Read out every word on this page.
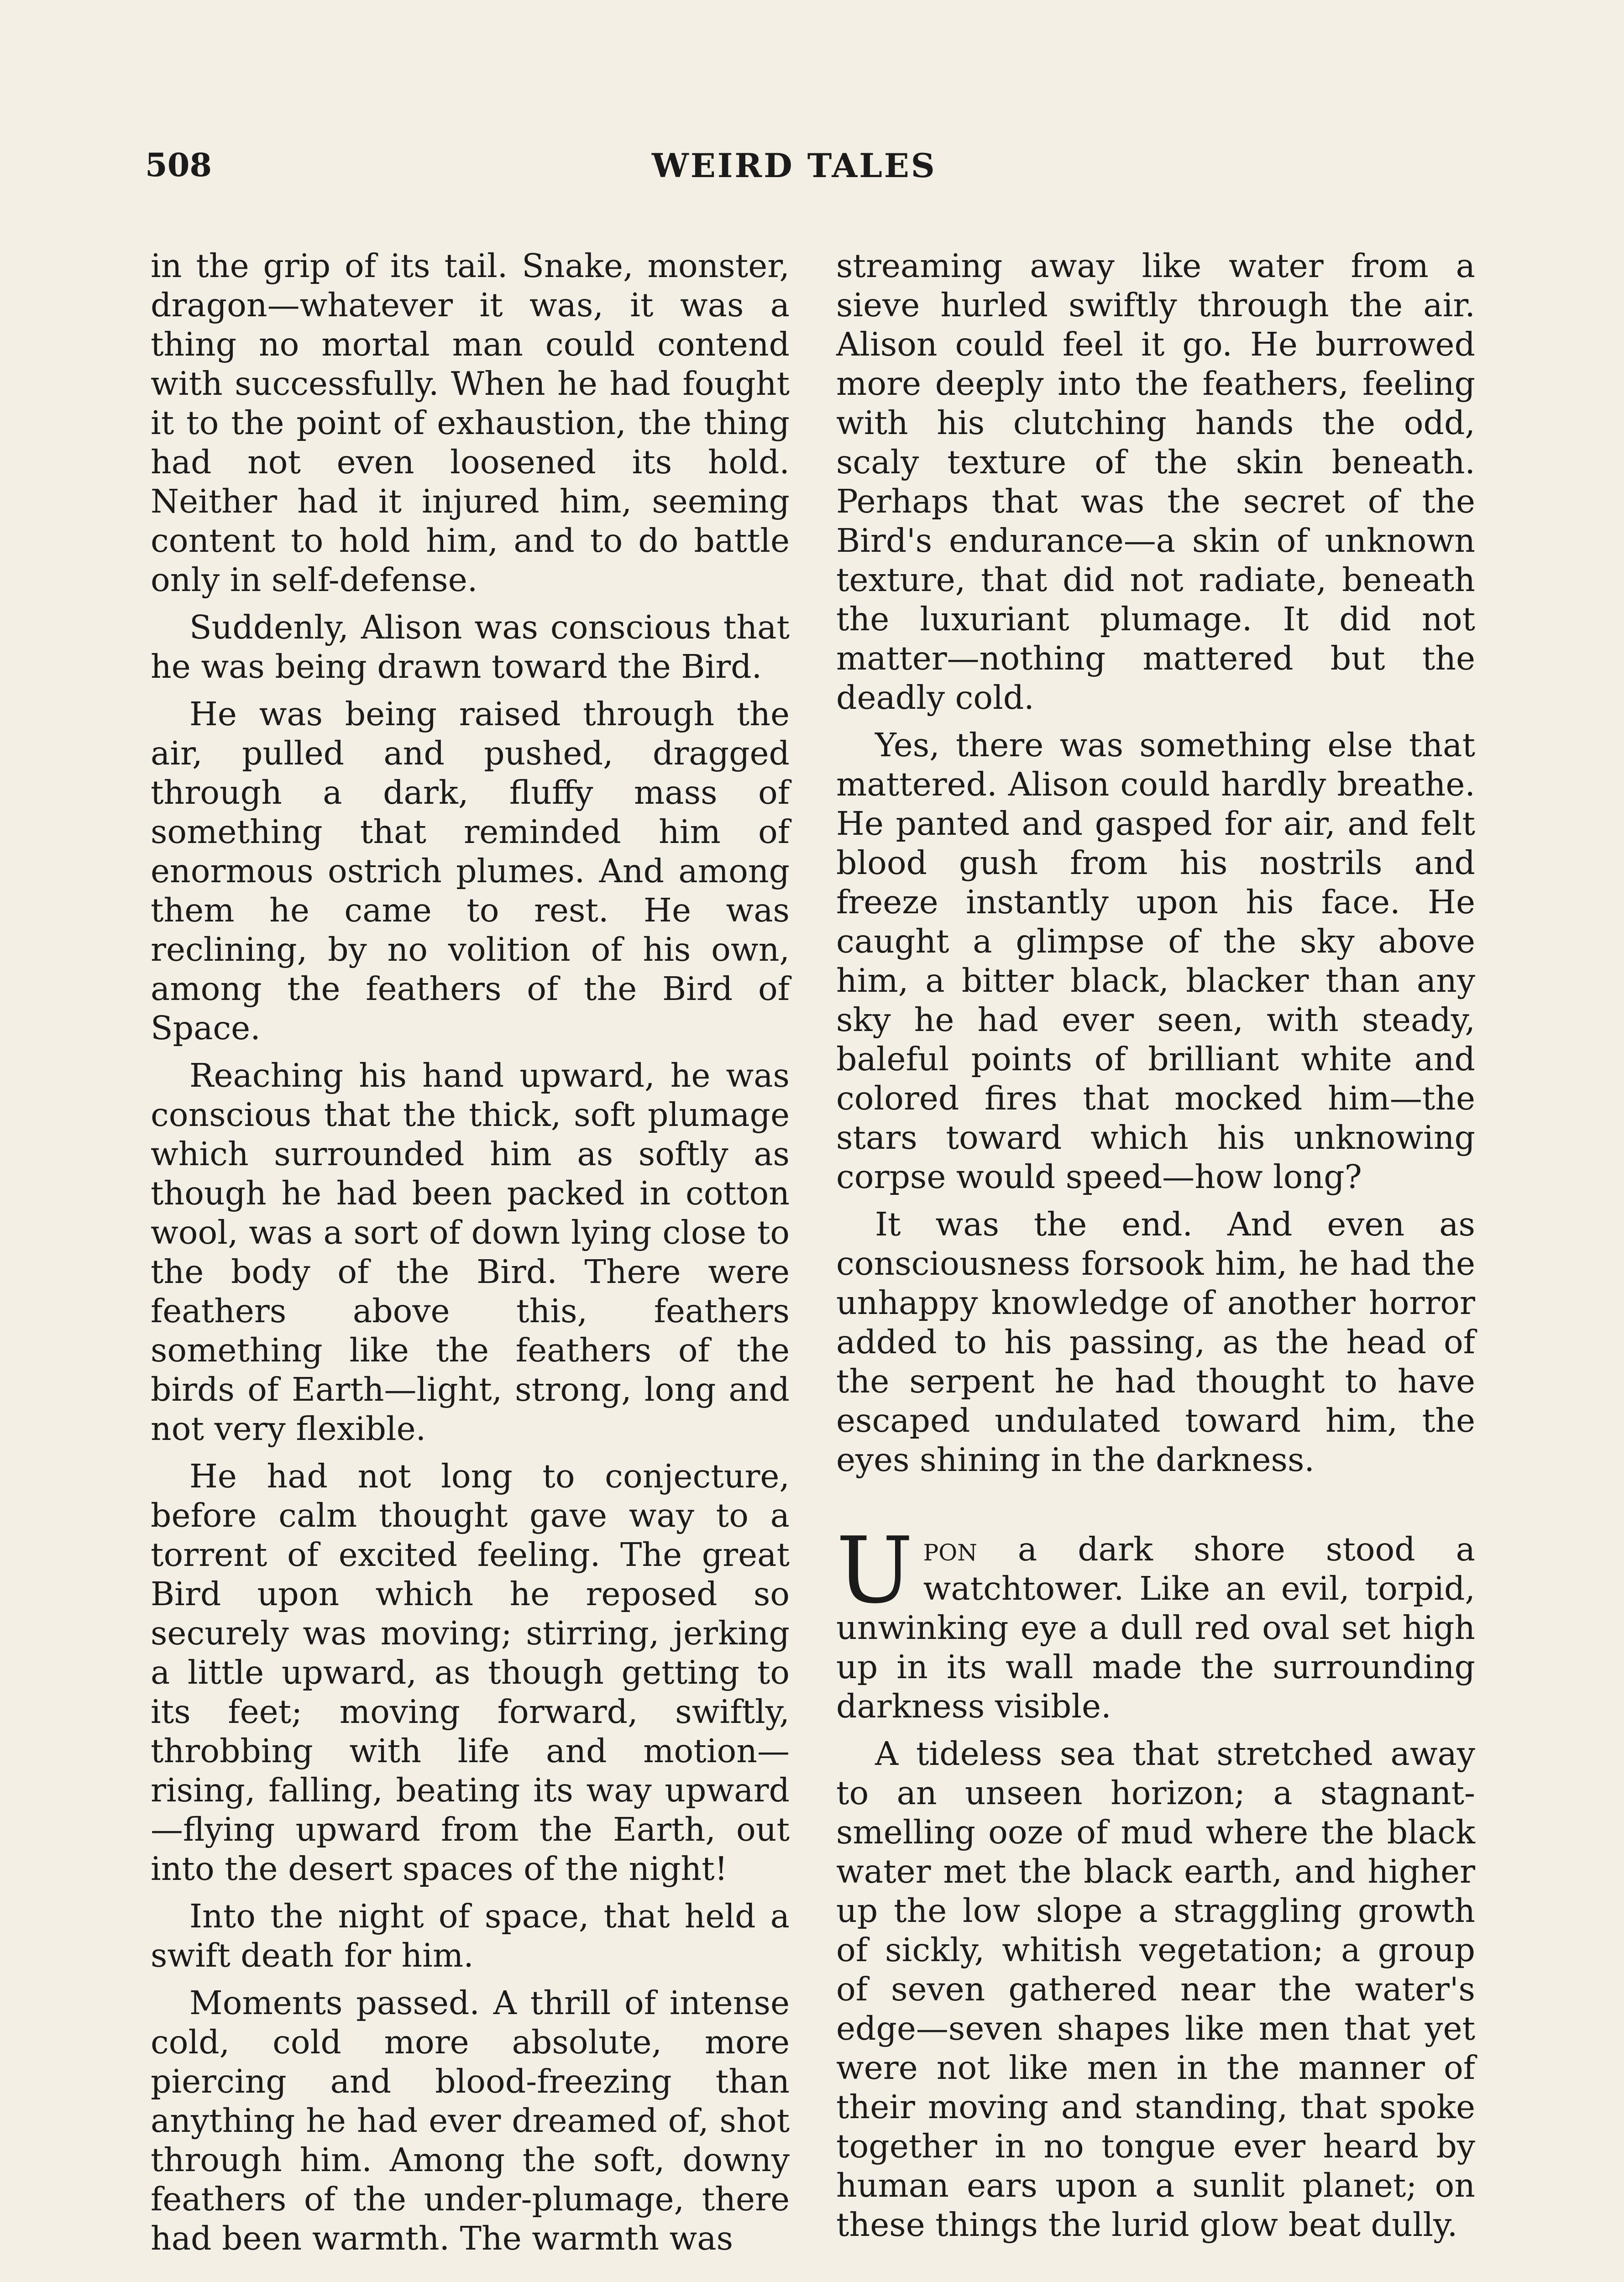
508	WEIRD TALES

in the grip of its tail. Snake, monster, dragon—whatever it was, it was a thing no mortal man could contend with successfully. When he had fought it to the point of exhaustion, the thing had not even loosened its hold. Neither had it injured him, seeming content to hold him, and to do battle only in self-defense.

Suddenly, Alison was conscious that he was being drawn toward the Bird.

He was being raised through the air, pulled and pushed, dragged through a dark, fluffy mass of something that reminded him of enormous ostrich plumes. And among them he came to rest. He was reclining, by no volition of his own, among the feathers of the Bird of Space.

Reaching his hand upward, he was conscious that the thick, soft plumage which surrounded him as softly as though he had been packed in cotton wool, was a sort of down lying close to the body of the Bird. There were feathers above this, feathers something like the feathers of the birds of Earth—light, strong, long and not very flexible.

He had not long to conjecture, before calm thought gave way to a torrent of excited feeling. The great Bird upon which he reposed so securely was moving; stirring, jerking a little upward, as though getting to its feet; moving forward, swiftly, throbbing with life and motion—rising, falling, beating its way upward—flying upward from the Earth, out into the desert spaces of the night!

Into the night of space, that held a swift death for him.

Moments passed. A thrill of intense cold, cold more absolute, more piercing and blood-freezing than anything he had ever dreamed of, shot through him. Among the soft, downy feathers of the under-plumage, there had been warmth. The warmth was

streaming away like water from a sieve hurled swiftly through the air. Alison could feel it go. He burrowed more deeply into the feathers, feeling with his clutching hands the odd, scaly texture of the skin beneath. Perhaps that was the secret of the Bird's endurance—a skin of unknown texture, that did not radiate, beneath the luxuriant plumage. It did not matter—nothing mattered but the deadly cold.

Yes, there was something else that mattered. Alison could hardly breathe. He panted and gasped for air, and felt blood gush from his nostrils and freeze instantly upon his face. He caught a glimpse of the sky above him, a bitter black, blacker than any sky he had ever seen, with steady, baleful points of brilliant white and colored fires that mocked him—the stars toward which his unknowing corpse would speed—how long?

It was the end. And even as consciousness forsook him, he had the unhappy knowledge of another horror added to his passing, as the head of the serpent he had thought to have escaped undulated toward him, the eyes shining in the darkness.

Upon a dark shore stood a watchtower. Like an evil, torpid, unwinking eye a dull red oval set high up in its wall made the surrounding darkness visible.

A tideless sea that stretched away to an unseen horizon; a stagnant-smelling ooze of mud where the black water met the black earth, and higher up the low slope a straggling growth of sickly, whitish vegetation; a group of seven gathered near the water's edge—seven shapes like men that yet were not like men in the manner of their moving and standing, that spoke together in no tongue ever heard by human ears upon a sunlit planet; on these things the lurid glow beat dully.
